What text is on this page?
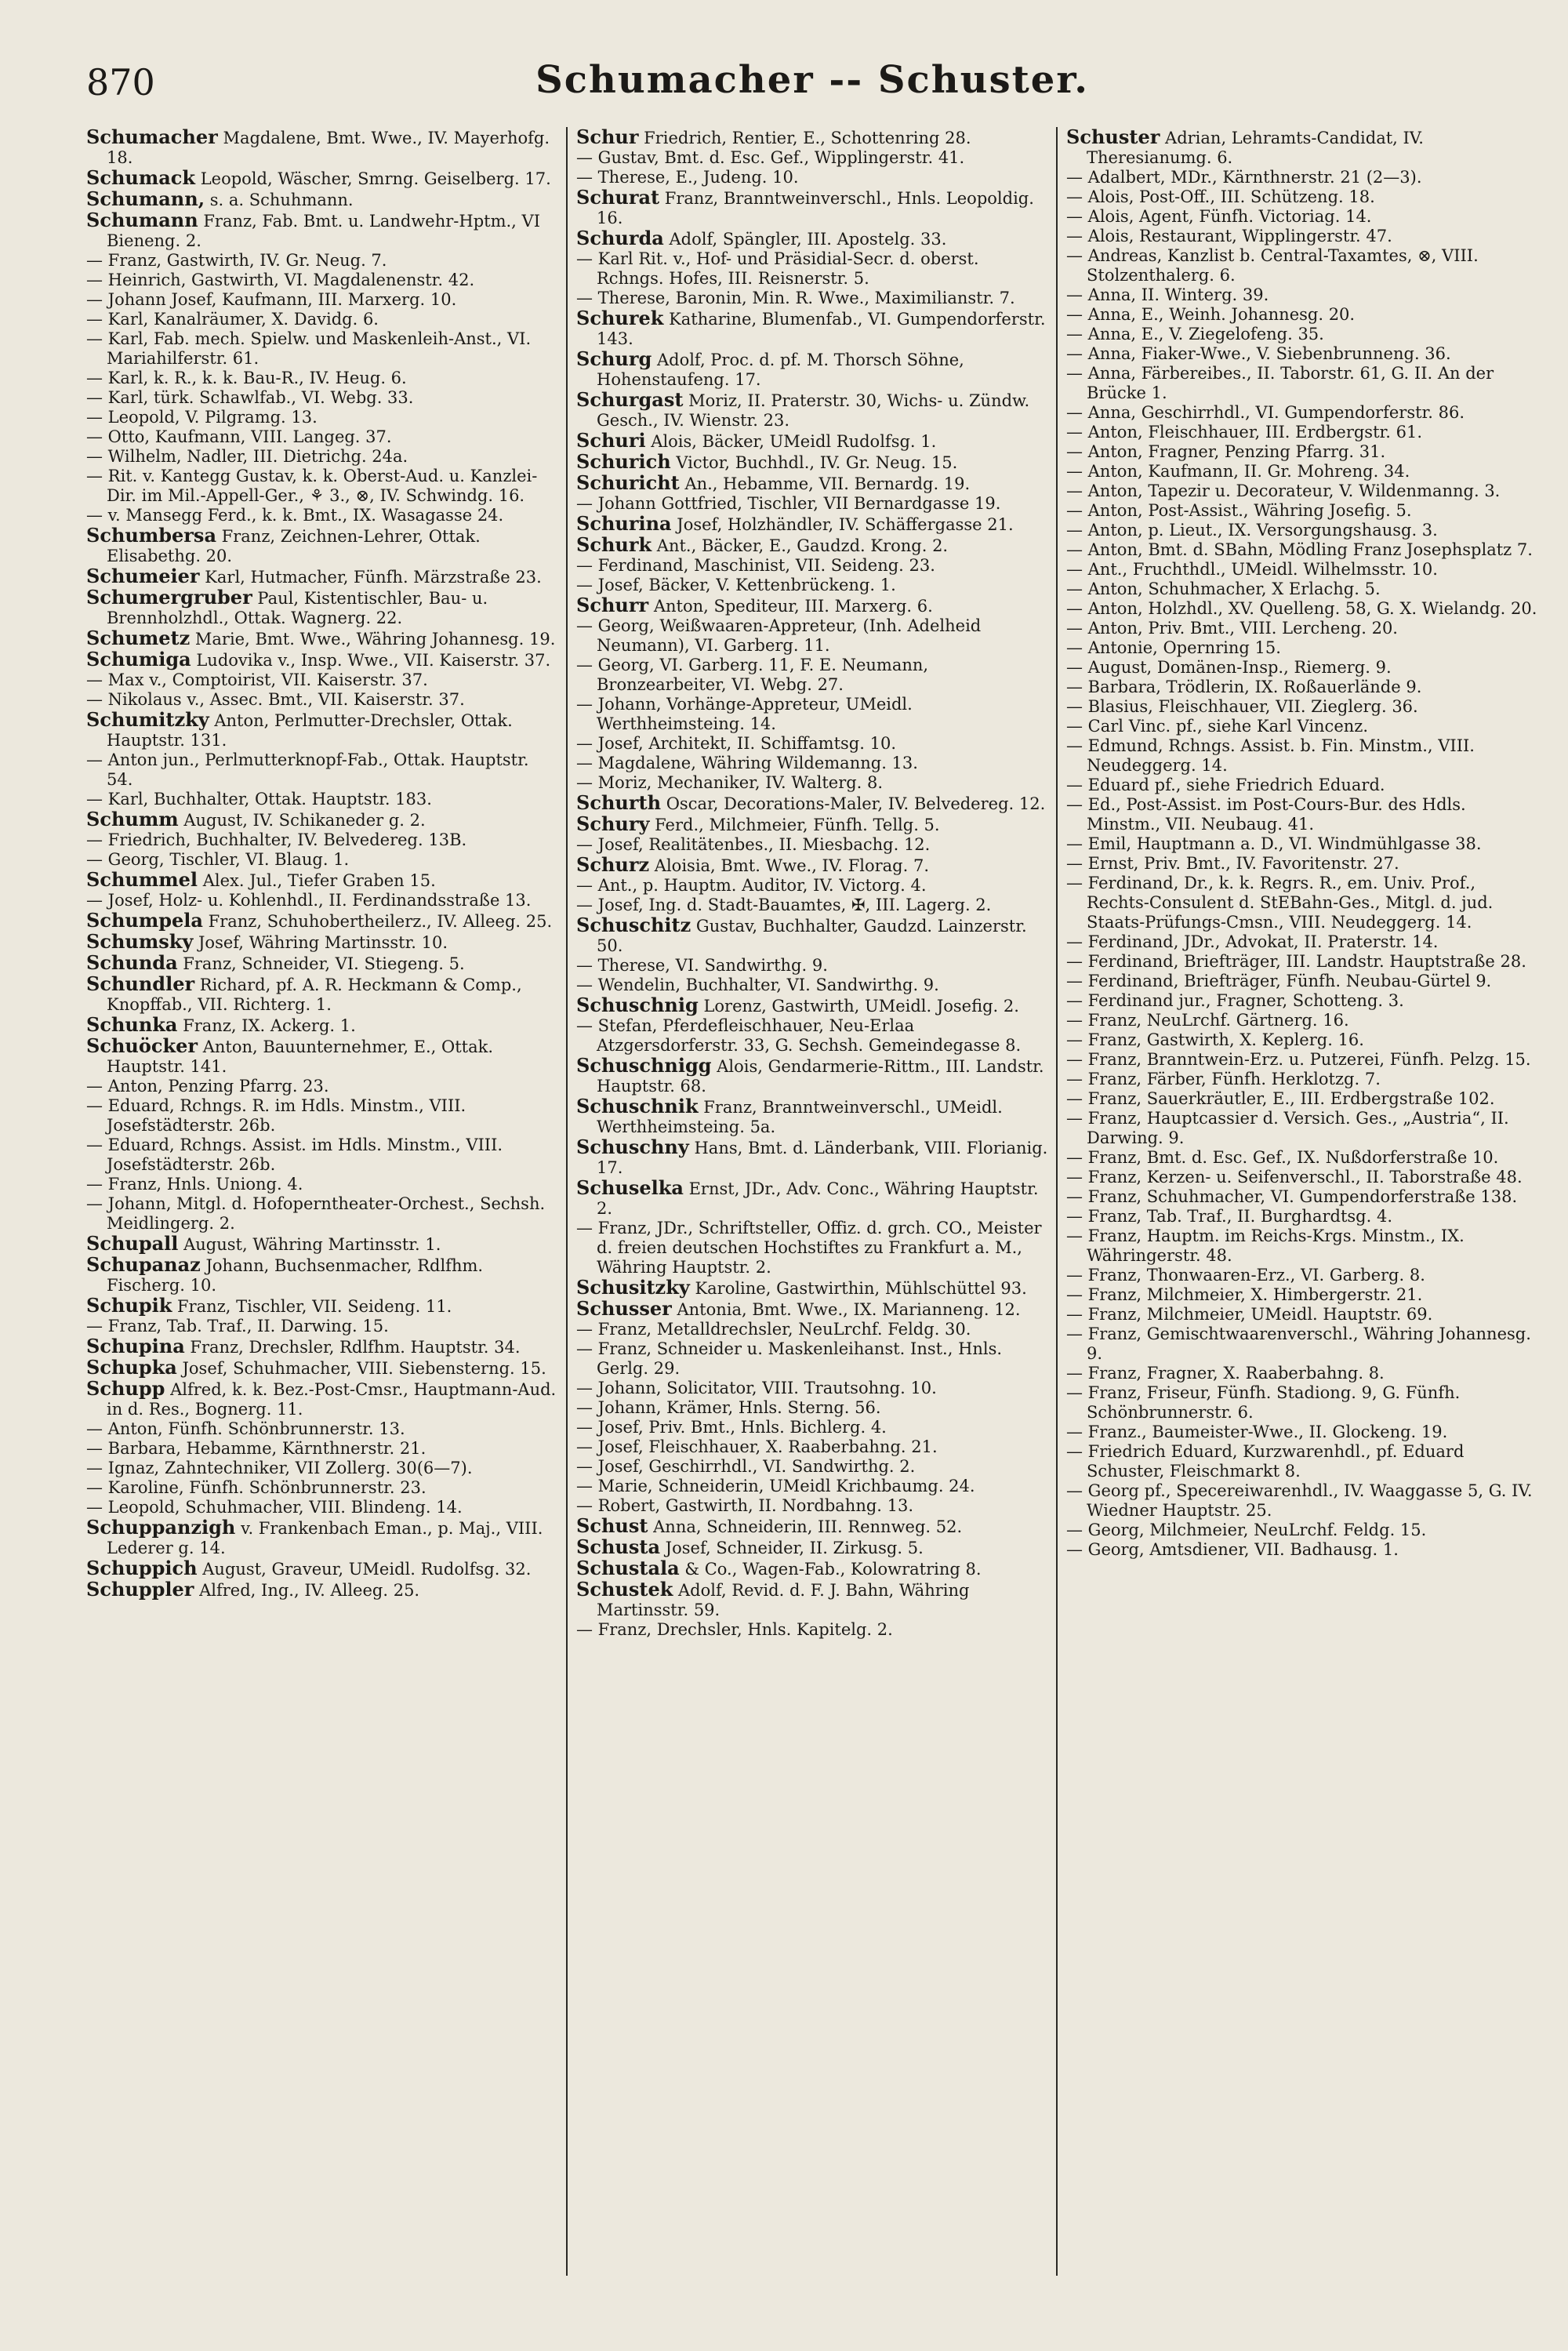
870	Schumacher -- Schuster.

Schumacher Magdalene, Bmt. Wwe., IV. Mayerhofg. 18.

Schumack Leopold, Wäscher, Smrng. Geiselberg. 17.

Schumann, s. a. Schuhmann.

Schumann Franz, Fab. Bmt. u. Landwehr-Hptm., VI Bieneng. 2.

— Franz, Gastwirth, IV. Gr. Neug. 7.

— Heinrich, Gastwirth, VI. Magdalenenstr. 42.

— Johann Josef, Kaufmann, III. Marxerg. 10.

— Karl, Kanalräumer, X. Davidg. 6.

— Karl, Fab. mech. Spielw. und Maskenleih-Anst., VI. Mariahilferstr. 61.

— Karl, k. R., k. k. Bau-R., IV. Heug. 6.

— Karl, türk. Schawlfab., VI. Webg. 33.

— Leopold, V. Pilgramg. 13.

— Otto, Kaufmann, VIII. Langeg. 37.

— Wilhelm, Nadler, III. Dietrichg. 24a.

— Rit. v. Kantegg Gustav, k. k. Oberst-Aud. u. Kanzlei-Dir. im Mil.-Appell-Ger., ⚘ 3., ⊗, IV. Schwindg. 16.

— v. Mansegg Ferd., k. k. Bmt., IX. Wasagasse 24.

Schumbersa Franz, Zeichnen-Lehrer, Ottak. Elisabethg. 20.

Schumeier Karl, Hutmacher, Fünfh. Märzstraße 23.

Schumergruber Paul, Kistentischler, Bau- u. Brennholzhdl., Ottak. Wagnerg. 22.

Schumetz Marie, Bmt. Wwe., Währing Johannesg. 19.

Schumiga Ludovika v., Insp. Wwe., VII. Kaiserstr. 37.

— Max v., Comptoirist, VII. Kaiserstr. 37.

— Nikolaus v., Assec. Bmt., VII. Kaiserstr. 37.

Schumitzky Anton, Perlmutter-Drechsler, Ottak. Hauptstr. 131.

— Anton jun., Perlmutterknopf-Fab., Ottak. Hauptstr. 54.

— Karl, Buchhalter, Ottak. Hauptstr. 183.

Schumm August, IV. Schikaneder g. 2.

— Friedrich, Buchhalter, IV. Belvedereg. 13B.

— Georg, Tischler, VI. Blaug. 1.

Schummel Alex. Jul., Tiefer Graben 15.

— Josef, Holz- u. Kohlenhdl., II. Ferdinandsstraße 13.

Schumpela Franz, Schuhobertheilerz., IV. Alleeg. 25.

Schumsky Josef, Währing Martinsstr. 10.

Schunda Franz, Schneider, VI. Stiegeng. 5.

Schundler Richard, pf. A. R. Heckmann & Comp., Knopffab., VII. Richterg. 1.

Schunka Franz, IX. Ackerg. 1.

Schuöcker Anton, Bauunternehmer, E., Ottak. Hauptstr. 141.

— Anton, Penzing Pfarrg. 23.

— Eduard, Rchngs. R. im Hdls. Minstm., VIII. Josefstädterstr. 26b.

— Eduard, Rchngs. Assist. im Hdls. Minstm., VIII. Josefstädterstr. 26b.

— Franz, Hnls. Uniong. 4.

— Johann, Mitgl. d. Hofoperntheater-Orchest., Sechsh. Meidlingerg. 2.

Schupall August, Währing Martinsstr. 1.

Schupanaz Johann, Buchsenmacher, Rdlfhm. Fischerg. 10.

Schupik Franz, Tischler, VII. Seideng. 11.

— Franz, Tab. Traf., II. Darwing. 15.

Schupina Franz, Drechsler, Rdlfhm. Hauptstr. 34.

Schupka Josef, Schuhmacher, VIII. Siebensterng. 15.

Schupp Alfred, k. k. Bez.-Post-Cmsr., Hauptmann-Aud. in d. Res., Bognerg. 11.

— Anton, Fünfh. Schönbrunnerstr. 13.

— Barbara, Hebamme, Kärnthnerstr. 21.

— Ignaz, Zahntechniker, VII Zollerg. 30(6—7).

— Karoline, Fünfh. Schönbrunnerstr. 23.

— Leopold, Schuhmacher, VIII. Blindeng. 14.

Schuppanzigh v. Frankenbach Eman., p. Maj., VIII. Lederer g. 14.

Schuppich August, Graveur, UMeidl. Rudolfsg. 32.

Schuppler Alfred, Ing., IV. Alleeg. 25.

Schur Friedrich, Rentier, E., Schottenring 28.

— Gustav, Bmt. d. Esc. Gef., Wipplingerstr. 41.

— Therese, E., Judeng. 10.

Schurat Franz, Branntweinverschl., Hnls. Leopoldig. 16.

Schurda Adolf, Spängler, III. Apostelg. 33.

— Karl Rit. v., Hof- und Präsidial-Secr. d. oberst. Rchngs. Hofes, III. Reisnerstr. 5.

— Therese, Baronin, Min. R. Wwe., Maximilianstr. 7.

Schurek Katharine, Blumenfab., VI. Gumpendorferstr. 143.

Schurg Adolf, Proc. d. pf. M. Thorsch Söhne, Hohenstaufeng. 17.

Schurgast Moriz, II. Praterstr. 30, Wichs- u. Zündw. Gesch., IV. Wienstr. 23.

Schuri Alois, Bäcker, UMeidl Rudolfsg. 1.

Schurich Victor, Buchhdl., IV. Gr. Neug. 15.

Schuricht An., Hebamme, VII. Bernardg. 19.

— Johann Gottfried, Tischler, VII Bernardgasse 19.

Schurina Josef, Holzhändler, IV. Schäffergasse 21.

Schurk Ant., Bäcker, E., Gaudzd. Krong. 2.

— Ferdinand, Maschinist, VII. Seideng. 23.

— Josef, Bäcker, V. Kettenbrückeng. 1.

Schurr Anton, Spediteur, III. Marxerg. 6.

— Georg, Weißwaaren-Appreteur, (Inh. Adelheid Neumann), VI. Garberg. 11.

— Georg, VI. Garberg. 11, F. E. Neumann, Bronzearbeiter, VI. Webg. 27.

— Johann, Vorhänge-Appreteur, UMeidl. Werthheimsteing. 14.

— Josef, Architekt, II. Schiffamtsg. 10.

— Magdalene, Währing Wildemanng. 13.

— Moriz, Mechaniker, IV. Walterg. 8.

Schurth Oscar, Decorations-Maler, IV. Belvedereg. 12.

Schury Ferd., Milchmeier, Fünfh. Tellg. 5.

— Josef, Realitätenbes., II. Miesbachg. 12.

Schurz Aloisia, Bmt. Wwe., IV. Florag. 7.

— Ant., p. Hauptm. Auditor, IV. Victorg. 4.

— Josef, Ing. d. Stadt-Bauamtes, ✠, III. Lagerg. 2.

Schuschitz Gustav, Buchhalter, Gaudzd. Lainzerstr. 50.

— Therese, VI. Sandwirthg. 9.

— Wendelin, Buchhalter, VI. Sandwirthg. 9.

Schuschnig Lorenz, Gastwirth, UMeidl. Josefig. 2.

— Stefan, Pferdefleischhauer, Neu-Erlaa Atzgersdorferstr. 33, G. Sechsh. Gemeindegasse 8.

Schuschnigg Alois, Gendarmerie-Rittm., III. Landstr. Hauptstr. 68.

Schuschnik Franz, Branntweinverschl., UMeidl. Werthheimsteing. 5a.

Schuschny Hans, Bmt. d. Länderbank, VIII. Florianig. 17.

Schuselka Ernst, JDr., Adv. Conc., Währing Hauptstr. 2.

— Franz, JDr., Schriftsteller, Offiz. d. grch. CO., Meister d. freien deutschen Hochstiftes zu Frankfurt a. M., Währing Hauptstr. 2.

Schusitzky Karoline, Gastwirthin, Mühlschüttel 93.

Schusser Antonia, Bmt. Wwe., IX. Marianneng. 12.

— Franz, Metalldrechsler, NeuLrchf. Feldg. 30.

— Franz, Schneider u. Maskenleihanst. Inst., Hnls. Gerlg. 29.

— Johann, Solicitator, VIII. Trautsohng. 10.

— Johann, Krämer, Hnls. Sterng. 56.

— Josef, Priv. Bmt., Hnls. Bichlerg. 4.

— Josef, Fleischhauer, X. Raaberbahng. 21.

— Josef, Geschirrhdl., VI. Sandwirthg. 2.

— Marie, Schneiderin, UMeidl Krichbaumg. 24.

— Robert, Gastwirth, II. Nordbahng. 13.

Schust Anna, Schneiderin, III. Rennweg. 52.

Schusta Josef, Schneider, II. Zirkusg. 5.

Schustala & Co., Wagen-Fab., Kolowratring 8.

Schustek Adolf, Revid. d. F. J. Bahn, Währing Martinsstr. 59.

— Franz, Drechsler, Hnls. Kapitelg. 2.

Schuster Adrian, Lehramts-Candidat, IV. Theresianumg. 6.

— Adalbert, MDr., Kärnthnerstr. 21 (2—3).

— Alois, Post-Off., III. Schützeng. 18.

— Alois, Agent, Fünfh. Victoriag. 14.

— Alois, Restaurant, Wipplingerstr. 47.

— Andreas, Kanzlist b. Central-Taxamtes, ⊗, VIII. Stolzenthalerg. 6.

— Anna, II. Winterg. 39.

— Anna, E., Weinh. Johannesg. 20.

— Anna, E., V. Ziegelofeng. 35.

— Anna, Fiaker-Wwe., V. Siebenbrunneng. 36.

— Anna, Färbereibes., II. Taborstr. 61, G. II. An der Brücke 1.

— Anna, Geschirrhdl., VI. Gumpendorferstr. 86.

— Anton, Fleischhauer, III. Erdbergstr. 61.

— Anton, Fragner, Penzing Pfarrg. 31.

— Anton, Kaufmann, II. Gr. Mohreng. 34.

— Anton, Tapezir u. Decorateur, V. Wildenmanng. 3.

— Anton, Post-Assist., Währing Josefig. 5.

— Anton, p. Lieut., IX. Versorgungshausg. 3.

— Anton, Bmt. d. SBahn, Mödling Franz Josephsplatz 7.

— Ant., Fruchthdl., UMeidl. Wilhelmsstr. 10.

— Anton, Schuhmacher, X Erlachg. 5.

— Anton, Holzhdl., XV. Quelleng. 58, G. X. Wielandg. 20.

— Anton, Priv. Bmt., VIII. Lercheng. 20.

— Antonie, Opernring 15.

— August, Domänen-Insp., Riemerg. 9.

— Barbara, Trödlerin, IX. Roßauerlände 9.

— Blasius, Fleischhauer, VII. Zieglerg. 36.

— Carl Vinc. pf., siehe Karl Vincenz.

— Edmund, Rchngs. Assist. b. Fin. Minstm., VIII. Neudeggerg. 14.

— Eduard pf., siehe Friedrich Eduard.

— Ed., Post-Assist. im Post-Cours-Bur. des Hdls. Minstm., VII. Neubaug. 41.

— Emil, Hauptmann a. D., VI. Windmühlgasse 38.

— Ernst, Priv. Bmt., IV. Favoritenstr. 27.

— Ferdinand, Dr., k. k. Regrs. R., em. Univ. Prof., Rechts-Consulent d. StEBahn-Ges., Mitgl. d. jud. Staats-Prüfungs-Cmsn., VIII. Neudeggerg. 14.

— Ferdinand, JDr., Advokat, II. Praterstr. 14.

— Ferdinand, Briefträger, III. Landstr. Hauptstraße 28.

— Ferdinand, Briefträger, Fünfh. Neubau-Gürtel 9.

— Ferdinand jur., Fragner, Schotteng. 3.

— Franz, NeuLrchf. Gärtnerg. 16.

— Franz, Gastwirth, X. Keplerg. 16.

— Franz, Branntwein-Erz. u. Putzerei, Fünfh. Pelzg. 15.

— Franz, Färber, Fünfh. Herklotzg. 7.

— Franz, Sauerkräutler, E., III. Erdbergstraße 102.

— Franz, Hauptcassier d. Versich. Ges., „Austria“, II. Darwing. 9.

— Franz, Bmt. d. Esc. Gef., IX. Nußdorferstraße 10.

— Franz, Kerzen- u. Seifenverschl., II. Taborstraße 48.

— Franz, Schuhmacher, VI. Gumpendorferstraße 138.

— Franz, Tab. Traf., II. Burghardtsg. 4.

— Franz, Hauptm. im Reichs-Krgs. Minstm., IX. Währingerstr. 48.

— Franz, Thonwaaren-Erz., VI. Garberg. 8.

— Franz, Milchmeier, X. Himbergerstr. 21.

— Franz, Milchmeier, UMeidl. Hauptstr. 69.

— Franz, Gemischtwaarenverschl., Währing Johannesg. 9.

— Franz, Fragner, X. Raaberbahng. 8.

— Franz, Friseur, Fünfh. Stadiong. 9, G. Fünfh. Schönbrunnerstr. 6.

— Franz., Baumeister-Wwe., II. Glockeng. 19.

— Friedrich Eduard, Kurzwarenhdl., pf. Eduard Schuster, Fleischmarkt 8.

— Georg pf., Specereiwarenhdl., IV. Waaggasse 5, G. IV. Wiedner Hauptstr. 25.

— Georg, Milchmeier, NeuLrchf. Feldg. 15.

— Georg, Amtsdiener, VII. Badhausg. 1.
